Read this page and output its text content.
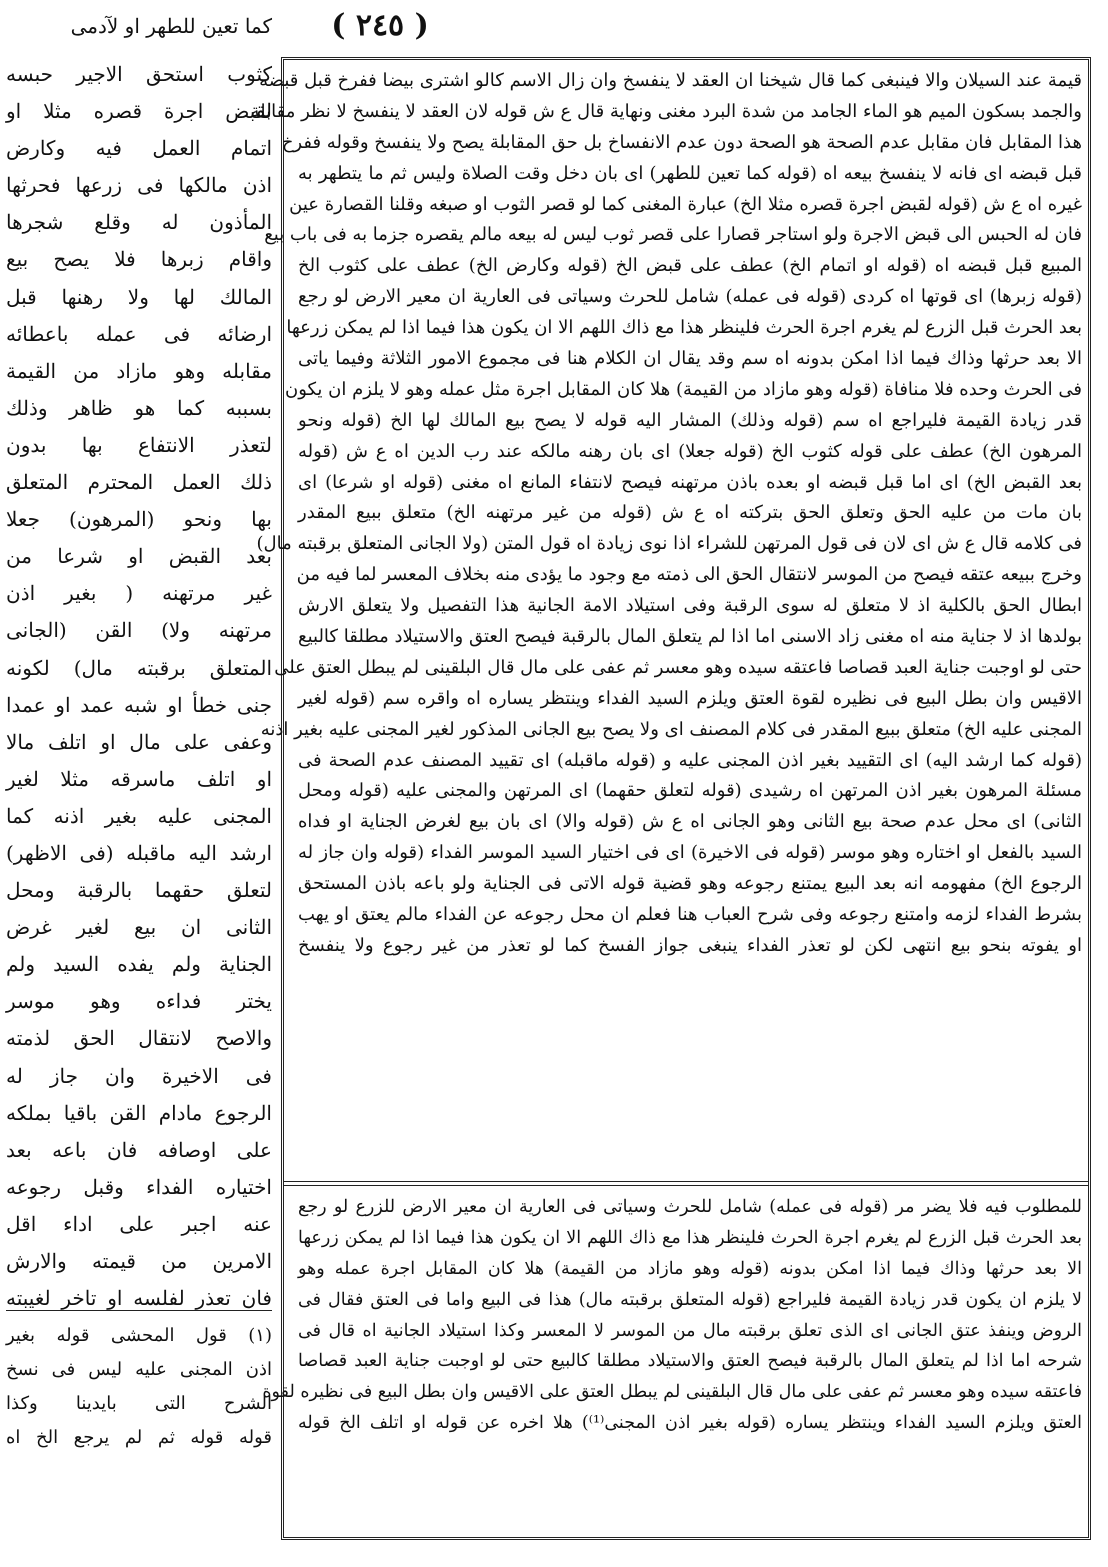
( ٢٤٥ )
كما تعين للطهر او لآدمى
كثوب استحق الاجير حبسه
لقبض اجرة قصره مثلا او
اتمام العمل فيه وكارض
اذن مالكها فى زرعها فحرثها
المأذون له وقلع شجرها
واقام زبرها فلا يصح بيع
المالك لها ولا رهنها قبل
ارضائه فى عمله باعطائه
مقابله وهو مازاد من القيمة
بسببه كما هو ظاهر وذلك
لتعذر الانتفاع بها بدون
ذلك العمل المحترم المتعلق
بها ونحو (المرهون) جعلا
بعد القبض او شرعا من
غير مرتهنه ( بغير اذن
مرتهنه ولا) القن (الجانى
المتعلق برقبته مال) لكونه
جنى خطأ او شبه عمد او عمدا
وعفى على مال او اتلف مالا
او اتلف ماسرقه مثلا لغير
المجنى عليه بغير اذنه كما
ارشد اليه ماقبله (فى الاظهر)
لتعلق حقهما بالرقبة ومحل
الثانى ان بيع لغير غرض
الجناية ولم يفده السيد ولم
يختر فداءه وهو موسر
والاصح لانتقال الحق لذمته
فى الاخيرة وان جاز له
الرجوع مادام القن باقيا بملكه
على اوصافه فان باعه بعد
اختياره الفداء وقبل رجوعه
عنه اجبر على اداء اقل
الامرين من قيمته والارش
فان تعذر لفلسه او تاخر لغيبته
(١) قول المحشى قوله بغير
اذن المجنى عليه ليس فى نسخ
الشرح التى بايدينا وكذا
قوله قوله ثم لم يرجع الخ اه
قيمة عند السيلان والا فينبغى كما قال شيخنا ان العقد لا ينفسخ وان زال الاسم كالو اشترى بيضا ففرخ قبل قبضه
والجمد بسكون الميم هو الماء الجامد من شدة البرد مغنى ونهاية قال ع ش قوله لان العقد لا ينفسخ لا نظر مقابلة
هذا المقابل فان مقابل عدم الصحة هو الصحة دون عدم الانفساخ بل حق المقابلة يصح ولا ينفسخ وقوله ففرخ
قبل قبضه اى فانه لا ينفسخ بيعه اه (قوله كما تعين للطهر) اى بان دخل وقت الصلاة وليس ثم ما يتطهر به
غيره اه ع ش (قوله لقبض اجرة قصره مثلا الخ) عبارة المغنى كما لو قصر الثوب او صبغه وقلنا القصارة عين
فان له الحبس الى قبض الاجرة ولو استاجر قصارا على قصر ثوب ليس له بيعه مالم يقصره جزما به فى باب بيع
المبيع قبل قبضه اه (قوله او اتمام الخ) عطف على قبض الخ (قوله وكارض الخ) عطف على كثوب الخ
(قوله زبرها) اى قوتها اه كردى (قوله فى عمله) شامل للحرث وسياتى فى العارية ان معير الارض لو رجع
بعد الحرث قبل الزرع لم يغرم اجرة الحرث فلينظر هذا مع ذاك اللهم الا ان يكون هذا فيما اذا لم يمكن زرعها
الا بعد حرثها وذاك فيما اذا امكن بدونه اه سم وقد يقال ان الكلام هنا فى مجموع الامور الثلاثة وفيما ياتى
فى الحرث وحده فلا منافاة (قوله وهو مازاد من القيمة) هلا كان المقابل اجرة مثل عمله وهو لا يلزم ان يكون
قدر زيادة القيمة فليراجع اه سم (قوله وذلك) المشار اليه قوله لا يصح بيع المالك لها الخ (قوله ونحو
المرهون الخ) عطف على قوله كثوب الخ (قوله جعلا) اى بان رهنه مالكه عند رب الدين اه ع ش (قوله
بعد القبض الخ) اى اما قبل قبضه او بعده باذن مرتهنه فيصح لانتفاء المانع اه مغنى (قوله او شرعا) اى
بان مات من عليه الحق وتعلق الحق بتركته اه ع ش (قوله من غير مرتهنه الخ) متعلق ببيع المقدر
فى كلامه قال ع ش اى لان فى قول المرتهن للشراء اذا نوى زيادة اه قول المتن (ولا الجانى المتعلق برقبته مال)
وخرج ببيعه عتقه فيصح من الموسر لانتقال الحق الى ذمته مع وجود ما يؤدى منه بخلاف المعسر لما فيه من
ابطال الحق بالكلية اذ لا متعلق له سوى الرقبة وفى استيلاد الامة الجانية هذا التفصيل ولا يتعلق الارش
بولدها اذ لا جناية منه اه مغنى زاد الاسنى اما اذا لم يتعلق المال بالرقبة فيصح العتق والاستيلاد مطلقا كالبيع
حتى لو اوجبت جناية العبد قصاصا فاعتقه سيده وهو معسر ثم عفى على مال قال البلقينى لم يبطل العتق على
الاقيس وان بطل البيع فى نظيره لقوة العتق ويلزم السيد الفداء وينتظر يساره اه واقره سم (قوله لغير
المجنى عليه الخ) متعلق ببيع المقدر فى كلام المصنف اى ولا يصح بيع الجانى المذكور لغير المجنى عليه بغير اذنه
(قوله كما ارشد اليه) اى التقييد بغير اذن المجنى عليه و (قوله ماقبله) اى تقييد المصنف عدم الصحة فى
مسئلة المرهون بغير اذن المرتهن اه رشيدى (قوله لتعلق حقهما) اى المرتهن والمجنى عليه (قوله ومحل
الثانى) اى محل عدم صحة بيع الثانى وهو الجانى اه ع ش (قوله والا) اى بان بيع لغرض الجناية او فداه
السيد بالفعل او اختاره وهو موسر (قوله فى الاخيرة) اى فى اختيار السيد الموسر الفداء (قوله وان جاز له
الرجوع الخ) مفهومه انه بعد البيع يمتنع رجوعه وهو قضية قوله الاتى فى الجناية ولو باعه باذن المستحق
بشرط الفداء لزمه وامتنع رجوعه وفى شرح العباب هنا فعلم ان محل رجوعه عن الفداء مالم يعتق او يهب
او يفوته بنحو بيع انتهى لكن لو تعذر الفداء ينبغى جواز الفسخ كما لو تعذر من غير رجوع ولا ينفسخ
للمطلوب فيه فلا يضر مر (قوله فى عمله) شامل للحرث وسياتى فى العارية ان معير الارض للزرع لو رجع
بعد الحرث قبل الزرع لم يغرم اجرة الحرث فلينظر هذا مع ذاك اللهم الا ان يكون هذا فيما اذا لم يمكن زرعها
الا بعد حرثها وذاك فيما اذا امكن بدونه (قوله وهو مازاد من القيمة) هلا كان المقابل اجرة عمله وهو
لا يلزم ان يكون قدر زيادة القيمة فليراجع (قوله المتعلق برقبته مال) هذا فى البيع واما فى العتق فقال فى
الروض وينفذ عتق الجانى اى الذى تعلق برقبته مال من الموسر لا المعسر وكذا استيلاد الجانية اه قال فى
شرحه اما اذا لم يتعلق المال بالرقبة فيصح العتق والاستيلاد مطلقا كالبيع حتى لو اوجبت جناية العبد قصاصا
فاعتقه سيده وهو معسر ثم عفى على مال قال البلقينى لم يبطل العتق على الاقيس وان بطل البيع فى نظيره لقوة
العتق ويلزم السيد الفداء وينتظر يساره (قوله بغير اذن المجنى⁽¹⁾) هلا اخره عن قوله او اتلف الخ قوله
